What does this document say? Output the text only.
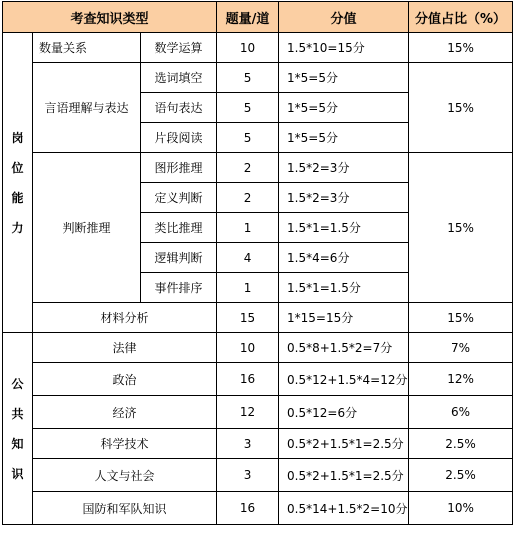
考查知识类型			题量/道	分值	分值占比（%）

岗
位
能
力	数量关系	数学运算	10	1.5*10=15分	15%
	言语理解与表达	选词填空	5	1*5=5分	15%
		语句表达	5	1*5=5分	
		片段阅读	5	1*5=5分	
	判断推理	图形推理	2	1.5*2=3分	15%
		定义判断	2	1.5*2=3分	
		类比推理	1	1.5*1=1.5分	
		逻辑判断	4	1.5*4=6分	
		事件排序	1	1.5*1=1.5分	
	材料分析		15	1*15=15分	15%

公
共
知
识	法律		10	0.5*8+1.5*2=7分	7%
	政治		16	0.5*12+1.5*4=12分	12%
	经济		12	0.5*12=6分	6%
	科学技术		3	0.5*2+1.5*1=2.5分	2.5%
	人文与社会		3	0.5*2+1.5*1=2.5分	2.5%
	国防和军队知识		16	0.5*14+1.5*2=10分	10%
